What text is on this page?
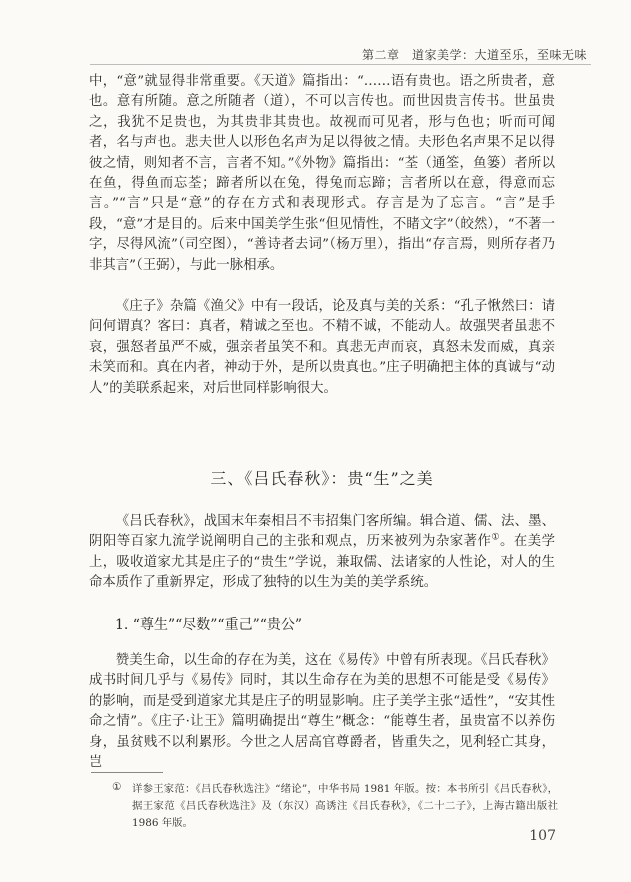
第二章　道家美学：大道至乐，至味无味

中，“意”就显得非常重要。《天道》篇指出：“……语有贵也。语之所贵者，意也。意有所随。意之所随者（道），不可以言传也。而世因贵言传书。世虽贵之，我犹不足贵也，为其贵非其贵也。故视而可见者，形与色也；听而可闻者，名与声也。悲夫世人以形色名声为足以得彼之情。夫形色名声果不足以得彼之情，则知者不言，言者不知。”《外物》篇指出：“荃（通筌，鱼篓）者所以在鱼，得鱼而忘荃；蹄者所以在兔，得兔而忘蹄；言者所以在意，得意而忘言。”“言”只是“意”的存在方式和表现形式。存言是为了忘言。“言”是手段，“意”才是目的。后来中国美学生张“但见情性，不睹文字”（皎然），“不著一字，尽得风流”（司空图），“善诗者去词”（杨万里），指出“存言焉，则所存者乃非其言”（王弼），与此一脉相承。

《庄子》杂篇《渔父》中有一段话，论及真与美的关系：“孔子愀然曰：请问何谓真？客曰：真者，精诚之至也。不精不诚，不能动人。故强哭者虽悲不哀，强怒者虽严不威，强亲者虽笑不和。真悲无声而哀，真怒未发而威，真亲未笑而和。真在内者，神动于外，是所以贵真也。”庄子明确把主体的真诚与“动人”的美联系起来，对后世同样影响很大。

三、《吕氏春秋》：贵“生”之美

《吕氏春秋》，战国末年秦相吕不韦招集门客所编。辑合道、儒、法、墨、阴阳等百家九流学说阐明自己的主张和观点，历来被列为杂家著作①。在美学上，吸收道家尤其是庄子的“贵生”学说，兼取儒、法诸家的人性论，对人的生命本质作了重新界定，形成了独特的以生为美的美学系统。

1. “尊生”“尽数”“重己”“贵公”

赞美生命，以生命的存在为美，这在《易传》中曾有所表现。《吕氏春秋》成书时间几乎与《易传》同时，其以生命存在为美的思想不可能是受《易传》的影响，而是受到道家尤其是庄子的明显影响。庄子美学主张“适性”，“安其性命之情”。《庄子·让王》篇明确提出“尊生”概念：“能尊生者，虽贵富不以养伤身，虽贫贱不以利累形。今世之人居高官尊爵者，皆重失之，见利轻亡其身，岂

① 详参王家范：《吕氏春秋选注》“绪论”，中华书局 1981 年版。按：本书所引《吕氏春秋》，据王家范《吕氏春秋选注》及（东汉）高诱注《吕氏春秋》，《二十二子》，上海古籍出版社 1986 年版。
107
